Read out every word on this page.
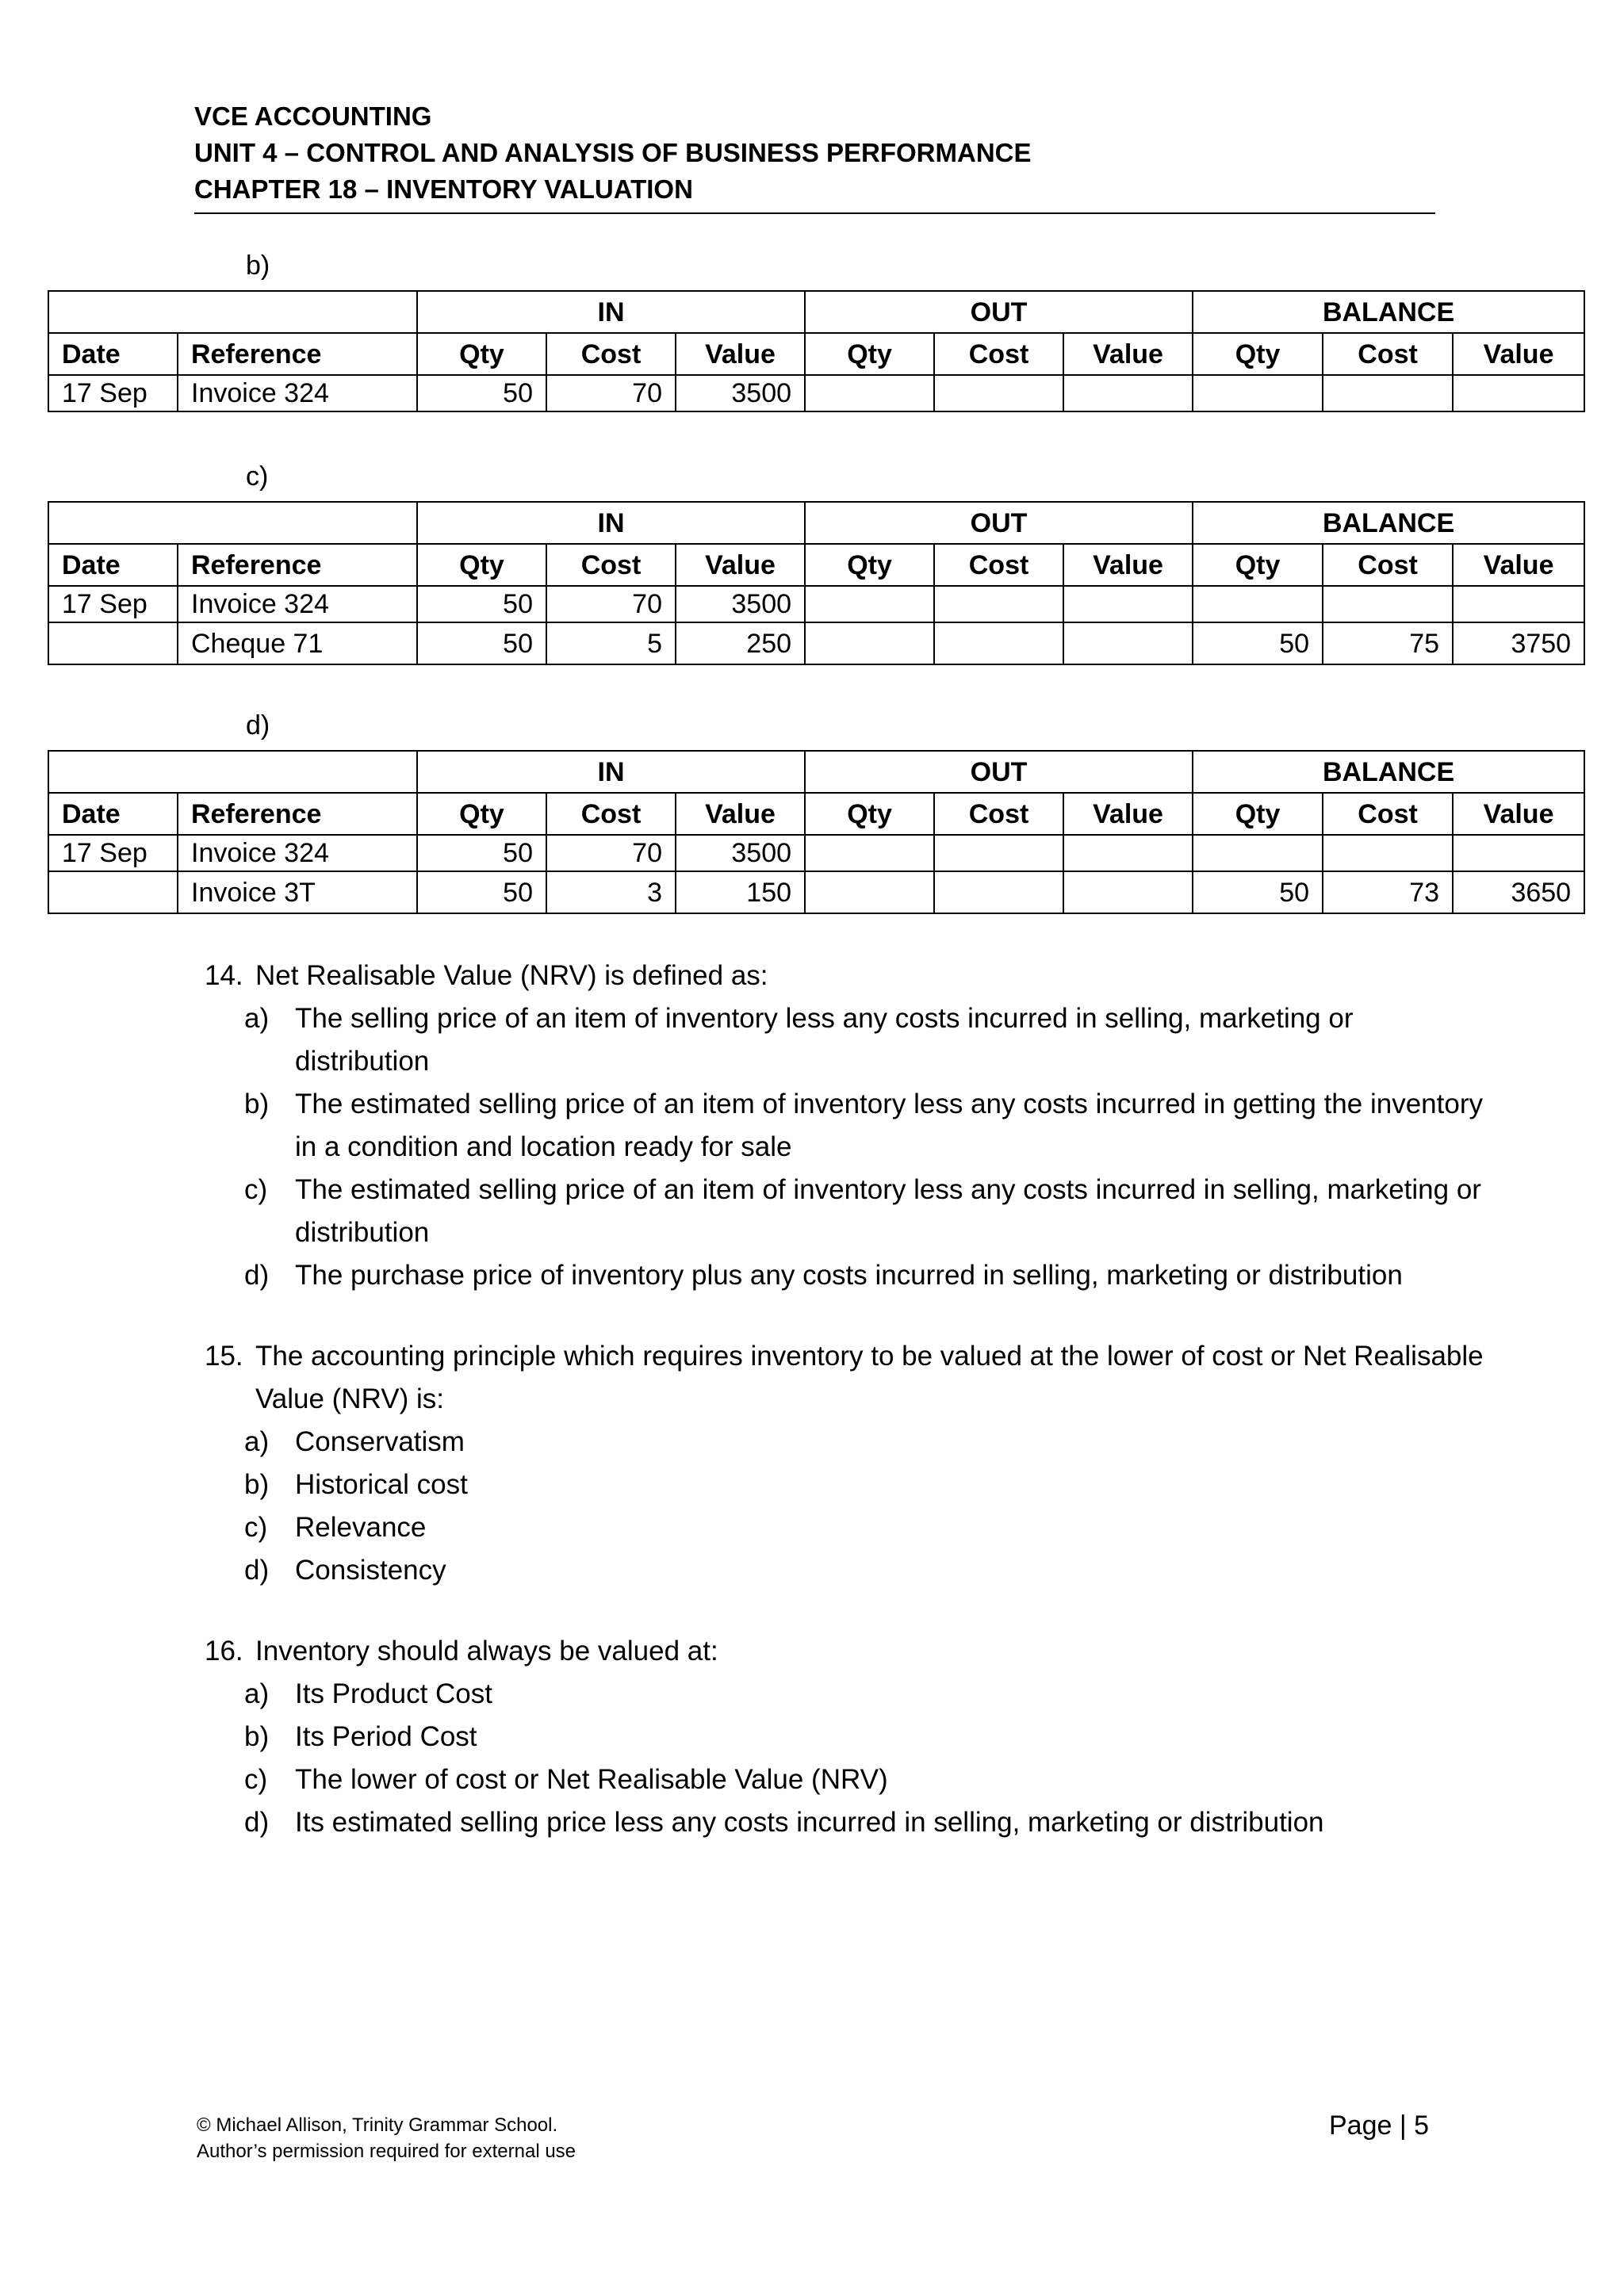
VCE ACCOUNTING
UNIT 4 – CONTROL AND ANALYSIS OF BUSINESS PERFORMANCE
CHAPTER 18 – INVENTORY VALUATION
b)
		IN			OUT			BALANCE		
Date	Reference	Qty	Cost	Value	Qty	Cost	Value	Qty	Cost	Value
17 Sep	Invoice 324	50	70	3500						
c)
		IN			OUT			BALANCE		
Date	Reference	Qty	Cost	Value	Qty	Cost	Value	Qty	Cost	Value
17 Sep	Invoice 324	50	70	3500						
	Cheque 71	50	5	250				50	75	3750
d)
		IN			OUT			BALANCE		
Date	Reference	Qty	Cost	Value	Qty	Cost	Value	Qty	Cost	Value
17 Sep	Invoice 324	50	70	3500						
	Invoice 3T	50	3	150				50	73	3650
14. Net Realisable Value (NRV) is defined as:
a) The selling price of an item of inventory less any costs incurred in selling, marketing or distribution
b) The estimated selling price of an item of inventory less any costs incurred in getting the inventory in a condition and location ready for sale
c) The estimated selling price of an item of inventory less any costs incurred in selling, marketing or distribution
d) The purchase price of inventory plus any costs incurred in selling, marketing or distribution
15. The accounting principle which requires inventory to be valued at the lower of cost or Net Realisable Value (NRV) is:
a) Conservatism
b) Historical cost
c) Relevance
d) Consistency
16. Inventory should always be valued at:
a) Its Product Cost
b) Its Period Cost
c) The lower of cost or Net Realisable Value (NRV)
d) Its estimated selling price less any costs incurred in selling, marketing or distribution
© Michael Allison, Trinity Grammar School.
Author’s permission required for external use
Page | 5
